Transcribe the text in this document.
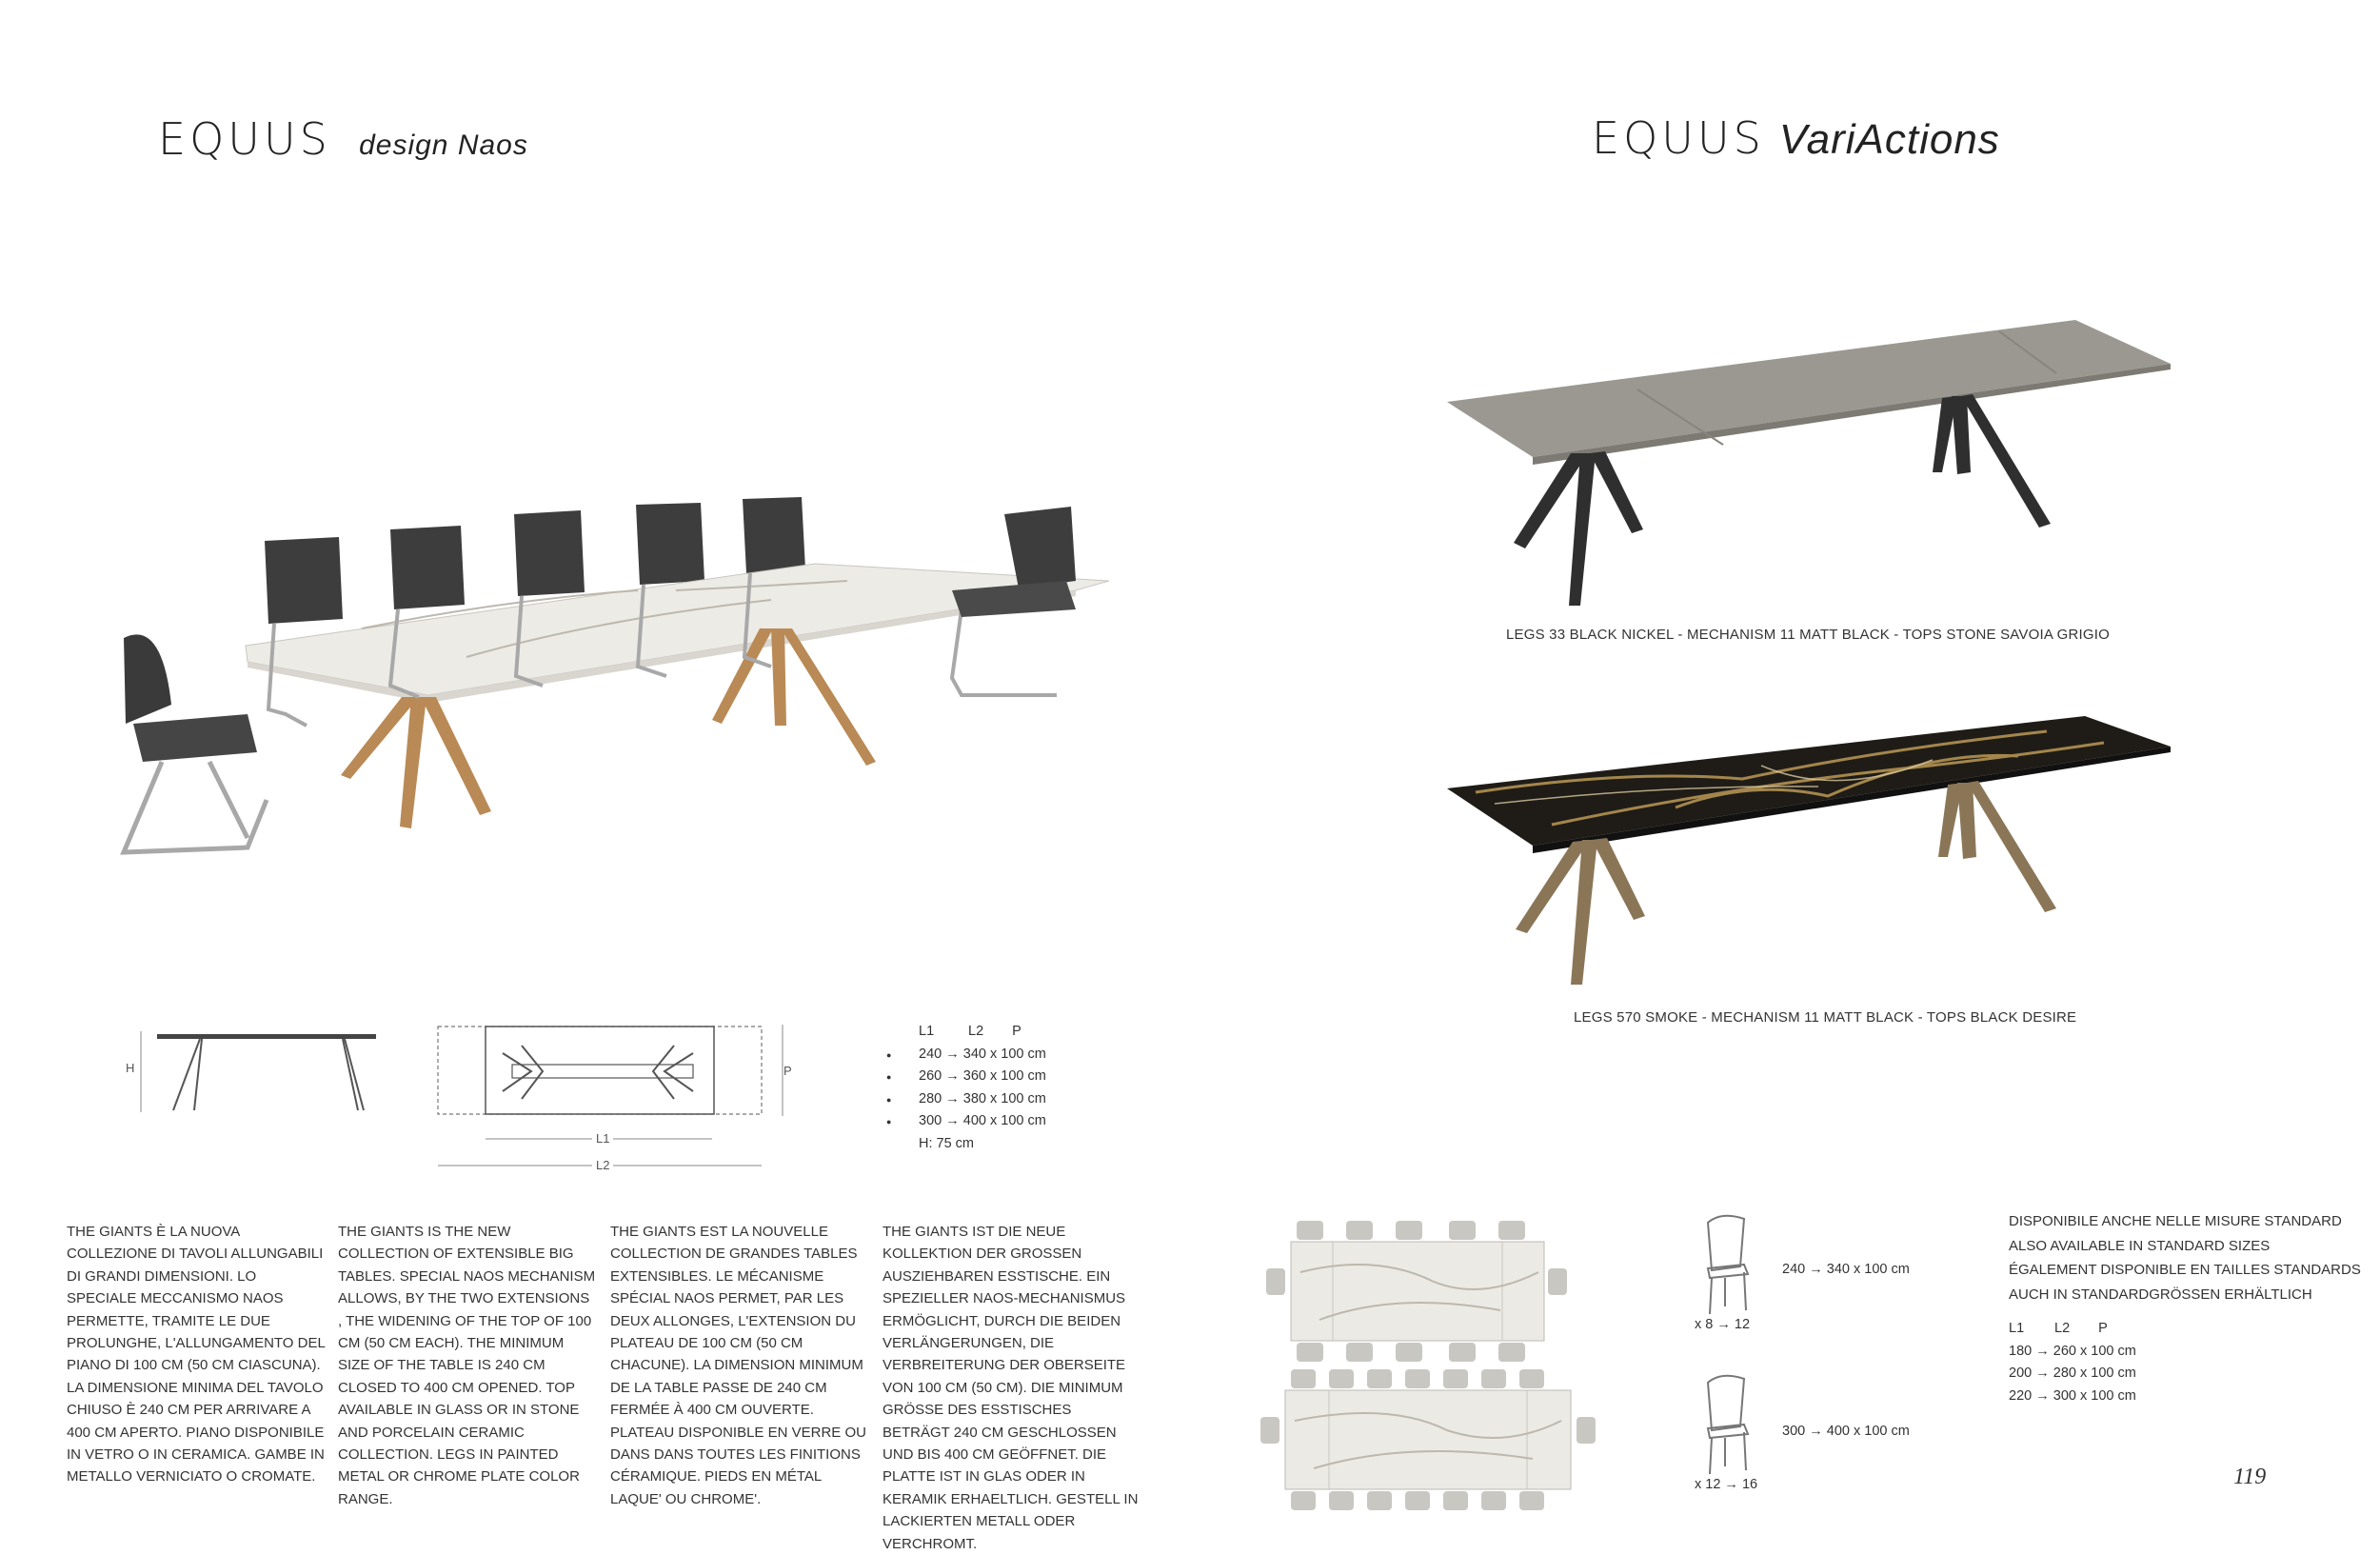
EQUUS design Naos
H	P
L1
L2
L1 L2 P
● 240 → 340 x 100 cm
● 260 → 360 x 100 cm
● 280 → 380 x 100 cm
● 300 → 400 x 100 cm
H: 75 cm
THE GIANTS È LA NUOVA COLLEZIONE DI TAVOLI ALLUNGABILI DI GRANDI DIMENSIONI. LO SPECIALE MECCANISMO NAOS PERMETTE, TRAMITE LE DUE PROLUNGHE, L'ALLUNGAMENTO DEL PIANO DI 100 CM (50 CM CIASCUNA). LA DIMENSIONE MINIMA DEL TAVOLO CHIUSO È 240 CM PER ARRIVARE A 400 CM APERTO. PIANO DISPONIBILE IN VETRO O IN CERAMICA. GAMBE IN METALLO VERNICIATO O CROMATE.
THE GIANTS IS THE NEW COLLECTION OF EXTENSIBLE BIG TABLES. SPECIAL NAOS MECHANISM ALLOWS, BY THE TWO EXTENSIONS , THE WIDENING OF THE TOP OF 100 CM (50 CM EACH). THE MINIMUM SIZE OF THE TABLE IS 240 CM CLOSED TO 400 CM OPENED. TOP AVAILABLE IN GLASS OR IN STONE AND PORCELAIN CERAMIC COLLECTION. LEGS IN PAINTED METAL OR CHROME PLATE COLOR RANGE.
THE GIANTS EST LA NOUVELLE COLLECTION DE GRANDES TABLES EXTENSIBLES. LE MÉCANISME SPÉCIAL NAOS PERMET, PAR LES DEUX ALLONGES, L'EXTENSION DU PLATEAU DE 100 CM (50 CM CHACUNE). LA DIMENSION MINIMUM DE LA TABLE PASSE DE 240 CM FERMÉE À 400 CM OUVERTE. PLATEAU DISPONIBLE EN VERRE OU DANS DANS TOUTES LES FINITIONS CÉRAMIQUE. PIEDS EN MÉTAL LAQUE' OU CHROME'.
THE GIANTS IST DIE NEUE KOLLEKTION DER GROSSEN AUSZIEHBAREN ESSTISCHE. EIN SPEZIELLER NAOS-MECHANISMUS ERMÖGLICHT, DURCH DIE BEIDEN VERLÄNGERUNGEN, DIE VERBREITERUNG DER OBERSEITE VON 100 CM (50 CM). DIE MINIMUM GRÖSSE DES ESSTISCHES BETRÄGT 240 CM GESCHLOSSEN UND BIS 400 CM GEÖFFNET. DIE PLATTE IST IN GLAS ODER IN KERAMIK ERHAELTLICH. GESTELL IN LACKIERTEN METALL ODER VERCHROMT.
EQUUS VariActions
LEGS 33 BLACK NICKEL - MECHANISM 11 MATT BLACK - TOPS STONE SAVOIA GRIGIO
LEGS 570 SMOKE - MECHANISM 11 MATT BLACK - TOPS BLACK DESIRE
x 8 → 12
240 → 340 x 100 cm
x 12 → 16
300 → 400 x 100 cm
DISPONIBILE ANCHE NELLE MISURE STANDARD
ALSO AVAILABLE IN STANDARD SIZES
ÉGALEMENT DISPONIBLE EN TAILLES STANDARDS
AUCH IN STANDARDGRÖSSEN ERHÄLTLICH
L1 L2 P
180 → 260 x 100 cm
200 → 280 x 100 cm
220 → 300 x 100 cm
119
